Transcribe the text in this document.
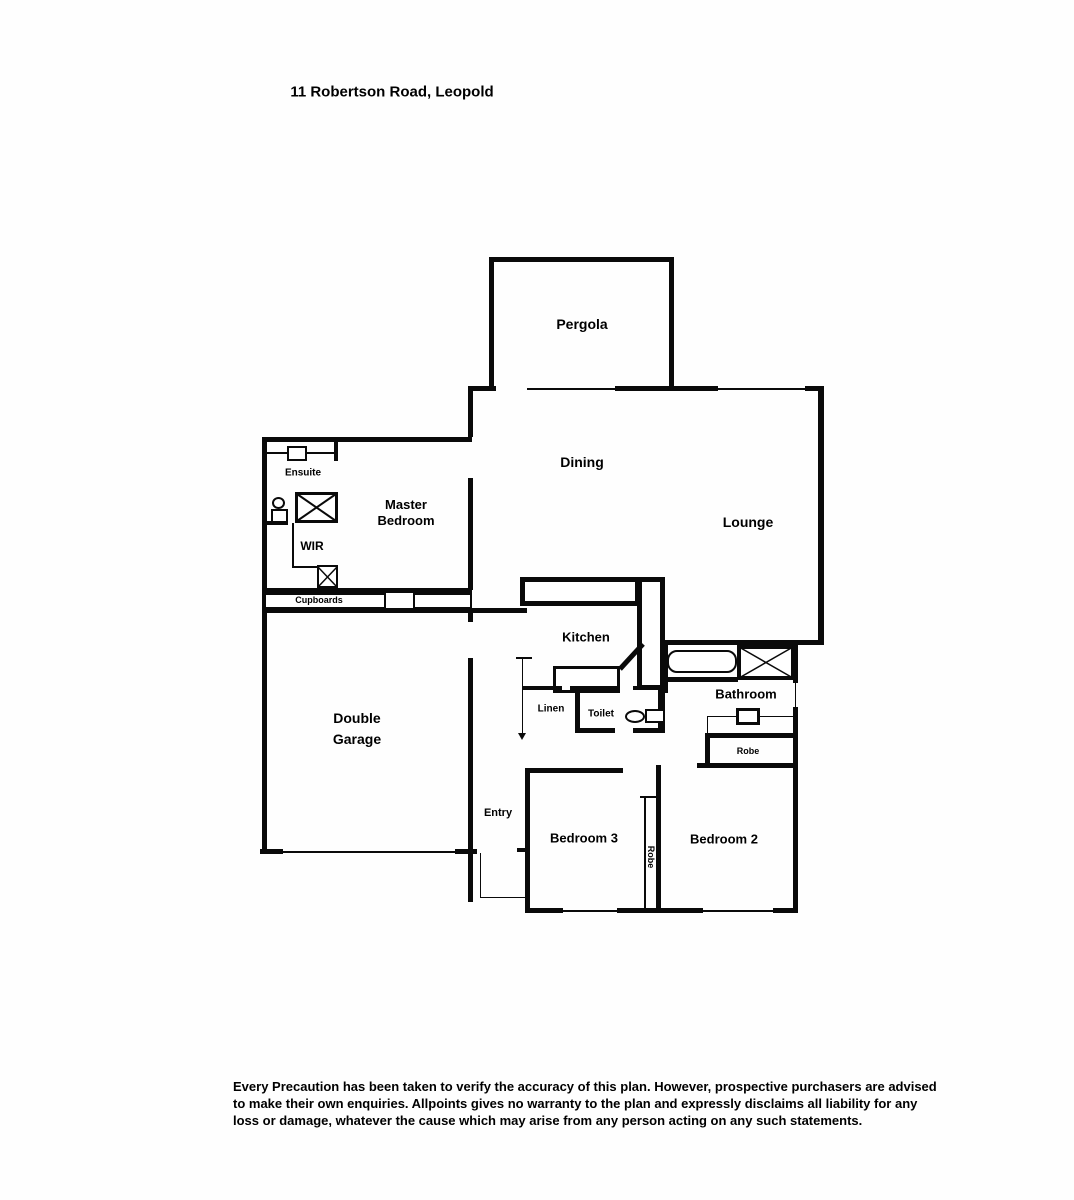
11 Robertson Road, Leopold
Pergola
Dining
Lounge
Ensuite
WIR
Master Bedroom
Cupboards
Double Garage
Entry
Kitchen
Linen Toilet
Bathroom
Robe
Bedroom 3	Bedroom 2
Robe
Every Precaution has been taken to verify the accuracy of this plan. However, prospective purchasers are advised to make their own enquiries. Allpoints gives no warranty to the plan and expressly disclaims all liability for any loss or damage, whatever the cause which may arise from any person acting on any such statements.
